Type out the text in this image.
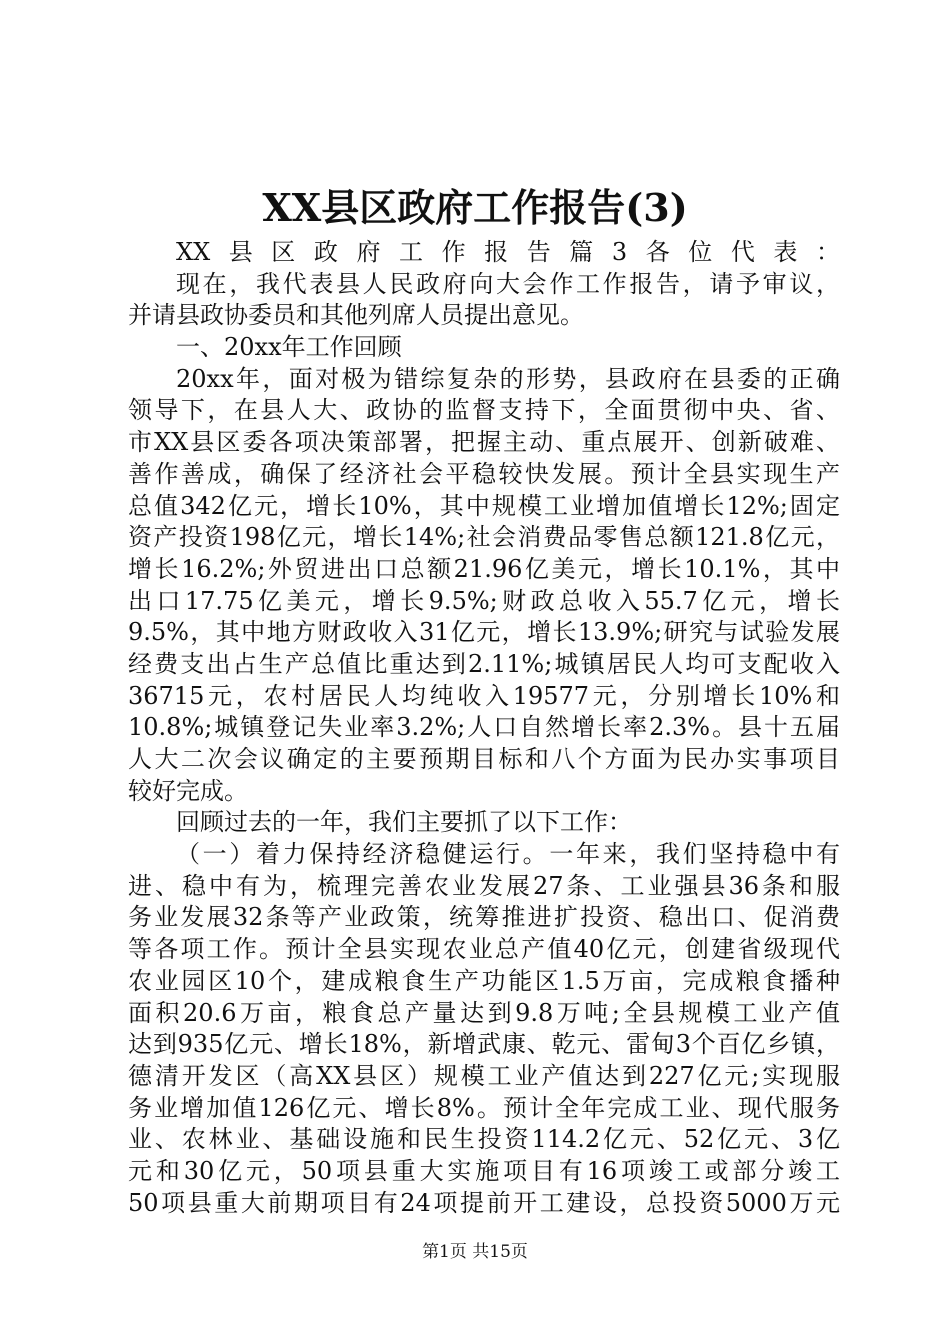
XX县区政府工作报告(3)
XX县区政府工作报告篇3各位代表：
现在，我代表县人民政府向大会作工作报告，请予审议，
并请县政协委员和其他列席人员提出意见。
一、20xx年工作回顾
20xx年，面对极为错综复杂的形势，县政府在县委的正确
领导下，在县人大、政协的监督支持下，全面贯彻中央、省、
市XX县区委各项决策部署，把握主动、重点展开、创新破难、
善作善成，确保了经济社会平稳较快发展。预计全县实现生产
总值342亿元，增长10%，其中规模工业增加值增长12%;固定
资产投资198亿元，增长14%;社会消费品零售总额121.8亿元，
增长16.2%;外贸进出口总额21.96亿美元，增长10.1%，其中
出口17.75亿美元，增长9.5%;财政总收入55.7亿元，增长
9.5%，其中地方财政收入31亿元，增长13.9%;研究与试验发展
经费支出占生产总值比重达到2.11%;城镇居民人均可支配收入
36715元，农村居民人均纯收入19577元，分别增长10%和
10.8%;城镇登记失业率3.2%;人口自然增长率2.3%。县十五届
人大二次会议确定的主要预期目标和八个方面为民办实事项目
较好完成。
回顾过去的一年，我们主要抓了以下工作：
（一）着力保持经济稳健运行。一年来，我们坚持稳中有
进、稳中有为，梳理完善农业发展27条、工业强县36条和服
务业发展32条等产业政策，统筹推进扩投资、稳出口、促消费
等各项工作。预计全县实现农业总产值40亿元，创建省级现代
农业园区10个，建成粮食生产功能区1.5万亩，完成粮食播种
面积20.6万亩，粮食总产量达到9.8万吨;全县规模工业产值
达到935亿元、增长18%，新增武康、乾元、雷甸3个百亿乡镇，
德清开发区（高XX县区）规模工业产值达到227亿元;实现服
务业增加值126亿元、增长8%。预计全年完成工业、现代服务
业、农林业、基础设施和民生投资114.2亿元、52亿元、3亿
元和30亿元，50项县重大实施项目有16项竣工或部分竣工
50项县重大前期项目有24项提前开工建设，总投资5000万元
第1页 共15页
